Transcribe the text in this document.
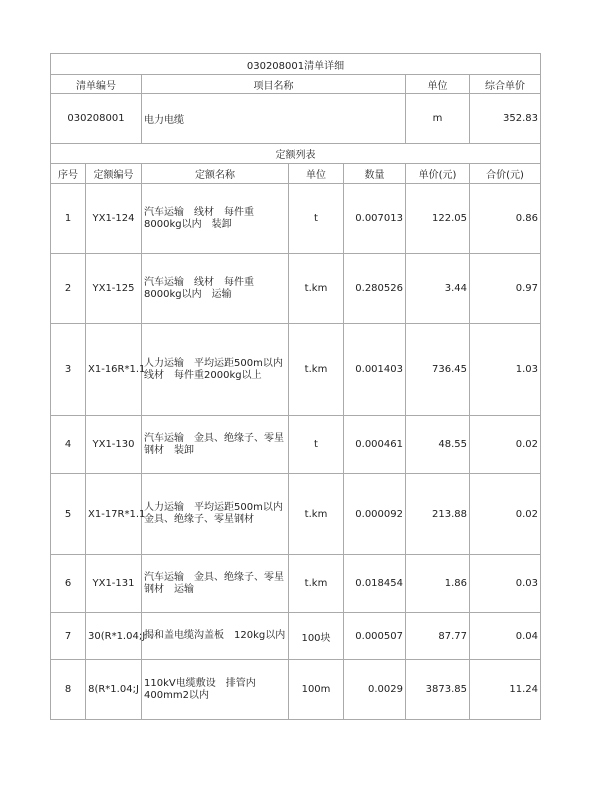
030208001清单详细						
清单编号		项目名称			单位	综合单价
030208001		电力电缆			m	352.83
定额列表						
序号	定额编号	定额名称	单位	数量	单价(元)	合价(元)
1	YX1-124	汽车运输　线材　每件重8000kg以内　装卸	t	0.007013	122.05	0.86
2	YX1-125	汽车运输　线材　每件重8000kg以内　运输	t.km	0.280526	3.44	0.97
3	X1-16R*1.1	人力运输　平均运距500m以内　线材　每件重2000kg以上	t.km	0.001403	736.45	1.03
4	YX1-130	汽车运输　金具、绝缘子、零星钢材　装卸	t	0.000461	48.55	0.02
5	X1-17R*1.1	人力运输　平均运距500m以内　金具、绝缘子、零星钢材	t.km	0.000092	213.88	0.02
6	YX1-131	汽车运输　金具、绝缘子、零星钢材　运输	t.km	0.018454	1.86	0.03
7	30(R*1.04;J	揭和盖电缆沟盖板　120kg以内	100块	0.000507	87.77	0.04
8	8(R*1.04;J	110kV电缆敷设　排管内400mm2以内	100m	0.0029	3873.85	11.24
